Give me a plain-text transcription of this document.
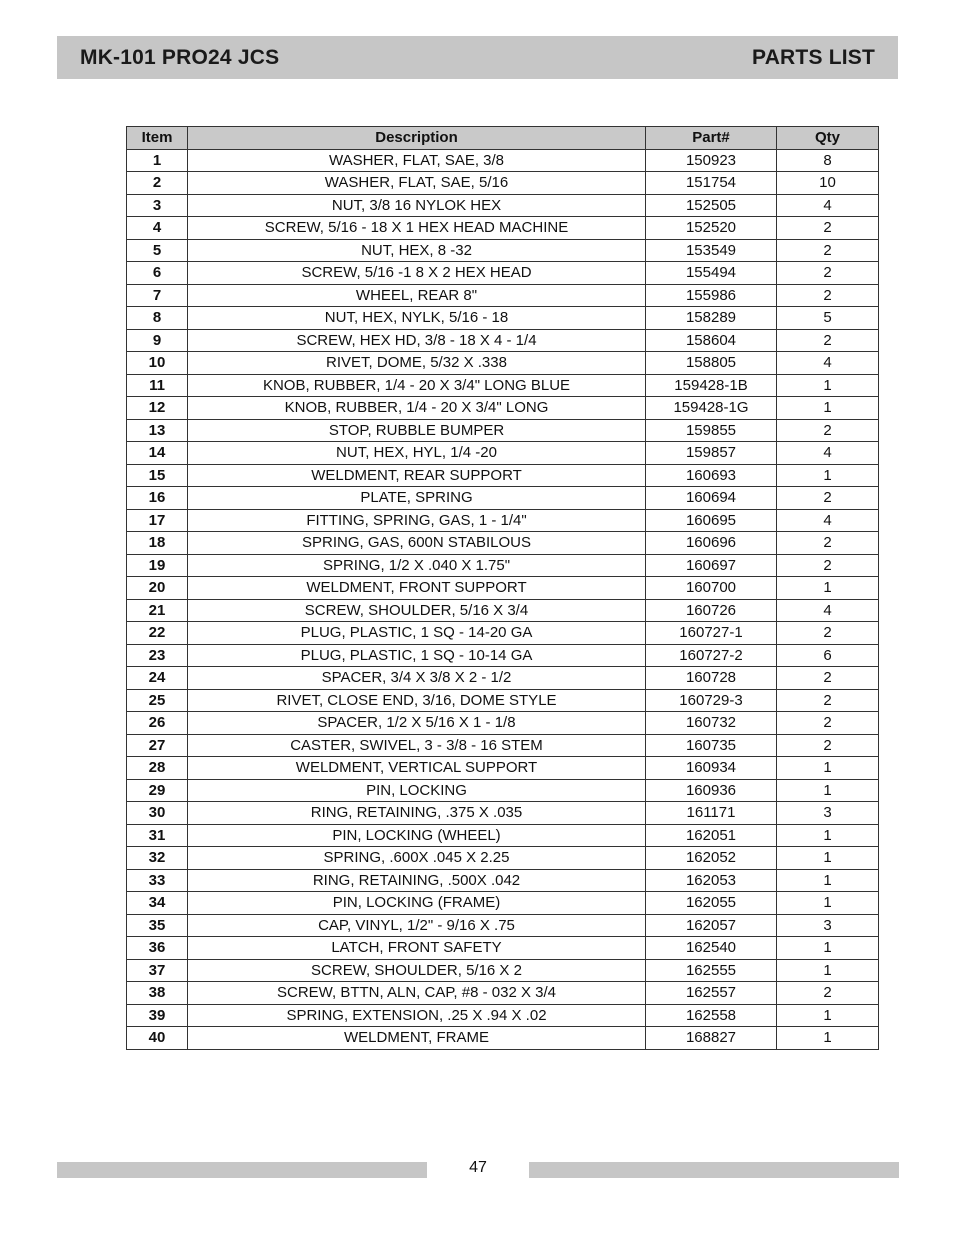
MK-101 PRO24 JCS	PARTS LIST
Item	Description	Part#	Qty
1	WASHER, FLAT, SAE, 3/8	150923	8
2	WASHER, FLAT, SAE, 5/16	151754	10
3	NUT, 3/8 16 NYLOK HEX	152505	4
4	SCREW, 5/16 - 18 X 1 HEX HEAD MACHINE	152520	2
5	NUT, HEX, 8 -32	153549	2
6	SCREW, 5/16 -1 8 X 2 HEX HEAD	155494	2
7	WHEEL, REAR 8"	155986	2
8	NUT, HEX, NYLK, 5/16 - 18	158289	5
9	SCREW, HEX HD, 3/8 - 18 X 4 - 1/4	158604	2
10	RIVET, DOME, 5/32 X .338	158805	4
11	KNOB, RUBBER, 1/4 - 20 X 3/4" LONG BLUE	159428-1B	1
12	KNOB, RUBBER, 1/4 - 20 X 3/4" LONG	159428-1G	1
13	STOP, RUBBLE BUMPER	159855	2
14	NUT, HEX, HYL, 1/4 -20	159857	4
15	WELDMENT, REAR SUPPORT	160693	1
16	PLATE, SPRING	160694	2
17	FITTING, SPRING, GAS, 1 - 1/4"	160695	4
18	SPRING, GAS, 600N STABILOUS	160696	2
19	SPRING, 1/2 X .040 X 1.75"	160697	2
20	WELDMENT, FRONT SUPPORT	160700	1
21	SCREW, SHOULDER, 5/16 X 3/4	160726	4
22	PLUG, PLASTIC, 1 SQ - 14-20 GA	160727-1	2
23	PLUG, PLASTIC, 1 SQ - 10-14 GA	160727-2	6
24	SPACER, 3/4 X 3/8 X 2 - 1/2	160728	2
25	RIVET, CLOSE END, 3/16, DOME STYLE	160729-3	2
26	SPACER, 1/2 X 5/16 X 1 - 1/8	160732	2
27	CASTER, SWIVEL, 3 - 3/8 - 16 STEM	160735	2
28	WELDMENT, VERTICAL SUPPORT	160934	1
29	PIN, LOCKING	160936	1
30	RING, RETAINING, .375 X .035	161171	3
31	PIN, LOCKING (WHEEL)	162051	1
32	SPRING, .600X .045 X 2.25	162052	1
33	RING, RETAINING, .500X .042	162053	1
34	PIN, LOCKING (FRAME)	162055	1
35	CAP, VINYL, 1/2" - 9/16 X .75	162057	3
36	LATCH, FRONT SAFETY	162540	1
37	SCREW, SHOULDER, 5/16 X 2	162555	1
38	SCREW, BTTN, ALN, CAP, #8 - 032 X 3/4	162557	2
39	SPRING, EXTENSION, .25 X .94 X .02	162558	1
40	WELDMENT, FRAME	168827	1
47
